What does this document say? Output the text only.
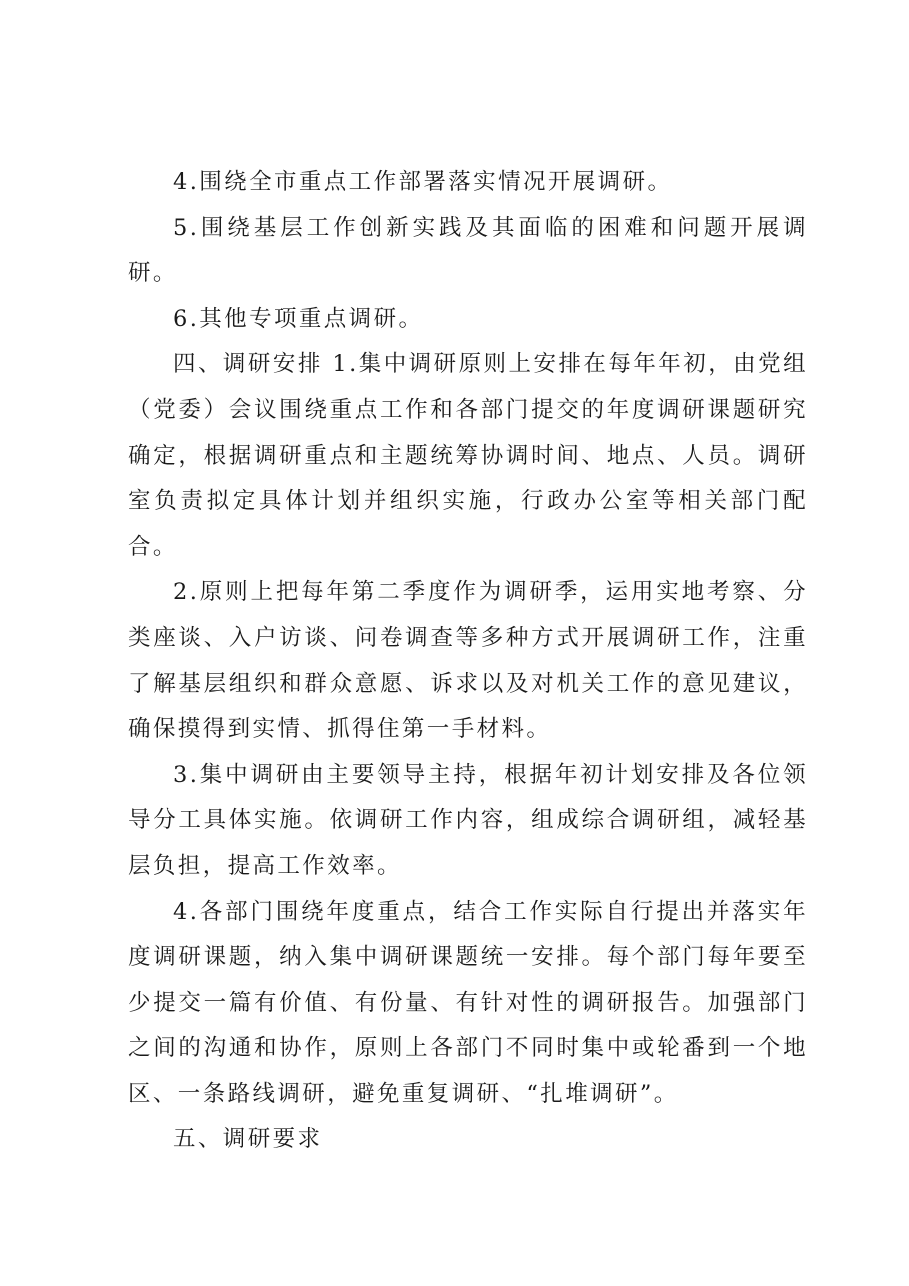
4.围绕全市重点工作部署落实情况开展调研。

5.围绕基层工作创新实践及其面临的困难和问题开展调研。

6.其他专项重点调研。

四、调研安排 1.集中调研原则上安排在每年年初，由党组（党委）会议围绕重点工作和各部门提交的年度调研课题研究确定，根据调研重点和主题统筹协调时间、地点、人员。调研室负责拟定具体计划并组织实施，行政办公室等相关部门配合。

2.原则上把每年第二季度作为调研季，运用实地考察、分类座谈、入户访谈、问卷调查等多种方式开展调研工作，注重了解基层组织和群众意愿、诉求以及对机关工作的意见建议，确保摸得到实情、抓得住第一手材料。

3.集中调研由主要领导主持，根据年初计划安排及各位领导分工具体实施。依调研工作内容，组成综合调研组，减轻基层负担，提高工作效率。

4.各部门围绕年度重点，结合工作实际自行提出并落实年度调研课题，纳入集中调研课题统一安排。每个部门每年要至少提交一篇有价值、有份量、有针对性的调研报告。加强部门之间的沟通和协作，原则上各部门不同时集中或轮番到一个地区、一条路线调研，避免重复调研、“扎堆调研”。

五、调研要求
